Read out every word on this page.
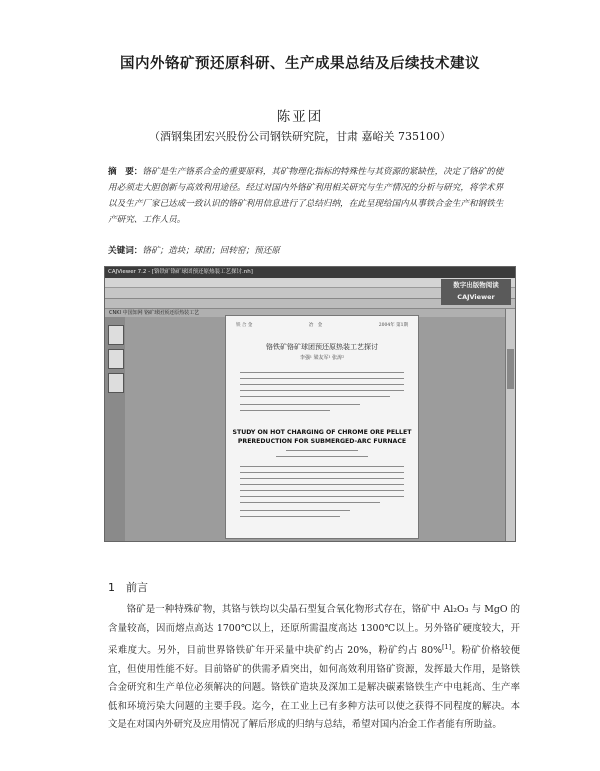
国内外铬矿预还原科研、生产成果总结及后续技术建议
陈亚团
（酒钢集团宏兴股份公司钢铁研究院，甘肃 嘉峪关 735100）
摘　要：铬矿是生产铬系合金的重要原料，其矿物理化指标的特殊性与其资源的紧缺性，决定了铬矿的使用必须走大胆创新与高效利用途径。经过对国内外铬矿利用相关研究与生产情况的分析与研究，将学术界以及生产厂家已达成一致认识的铬矿利用信息进行了总结归纳，在此呈现给国内从事铁合金生产和钢铁生产研究、工作人员。
关键词：铬矿；造块；球团；回转窑；预还原
CAJViewer 7.2 - [铬铁矿铬矿球团预还原热装工艺探讨.nh]
数字出版物阅读
CAJViewer
CNKI 中国知网 铬矿球团预还原热装工艺
铁 合 金	冶　金	2004年 第1期
铬铁矿铬矿球团预还原热装工艺探讨
李强¹ 梁友军¹ 张涛²
STUDY ON HOT CHARGING OF CHROME ORE PELLET
PREREDUCTION FOR SUBMERGED-ARC FURNACE
1　前言
铬矿是一种特殊矿物，其铬与铁均以尖晶石型复合氧化物形式存在，铬矿中 Al₂O₃ 与 MgO 的含量较高，因而熔点高达 1700℃以上，还原所需温度高达 1300℃以上。另外铬矿硬度较大，开采难度大。另外，目前世界铬铁矿年开采量中块矿约占 20%，粉矿约占 80%[1]。粉矿价格较便宜，但使用性能不好。目前铬矿的供需矛盾突出，如何高效利用铬矿资源，发挥最大作用，是铬铁合金研究和生产单位必须解决的问题。铬铁矿造块及深加工是解决碳素铬铁生产中电耗高、生产率低和环境污染大问题的主要手段。迄今，在工业上已有多种方法可以使之获得不同程度的解决。本文是在对国内外研究及应用情况了解后形成的归纳与总结，希望对国内冶金工作者能有所助益。
